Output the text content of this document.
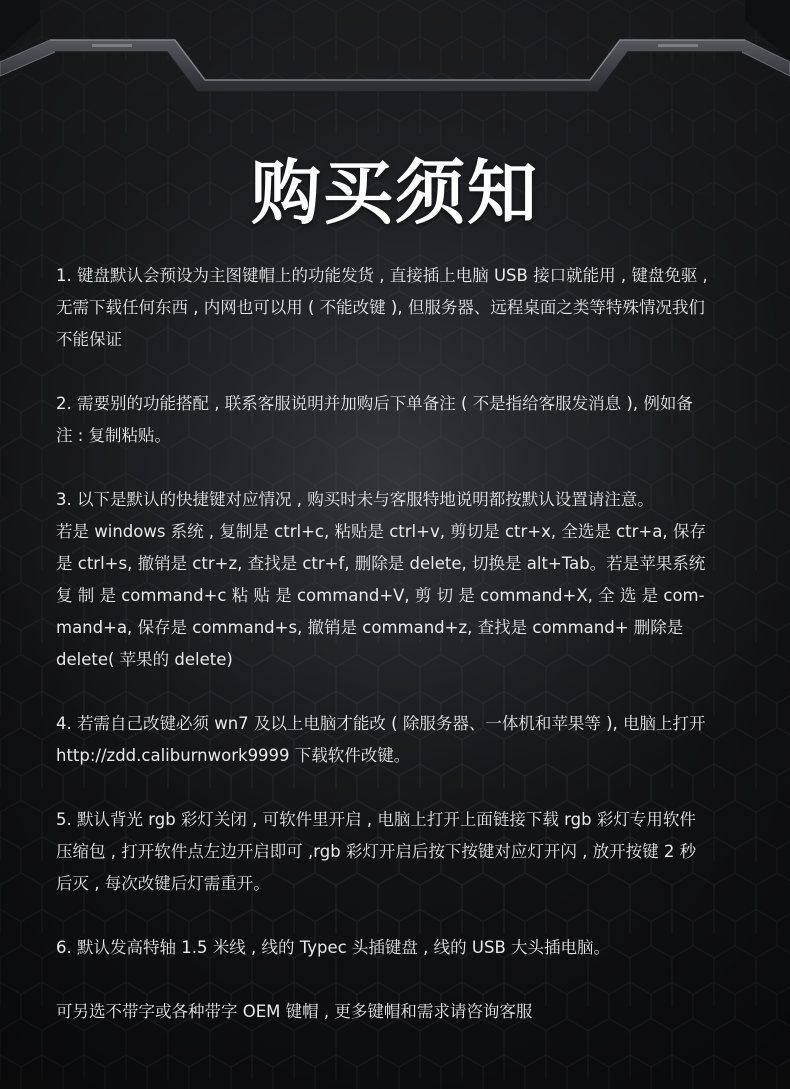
购买须知

1. 键盘默认会预设为主图键帽上的功能发货 , 直接插上电脑 USB 接口就能用 , 键盘免驱 ,
无需下载任何东西 , 内网也可以用 ( 不能改键 ), 但服务器、远程桌面之类等特殊情况我们
不能保证

2. 需要别的功能搭配 , 联系客服说明并加购后下单备注 ( 不是指给客服发消息 ), 例如备
注 : 复制粘贴。

3. 以下是默认的快捷键对应情况 , 购买时未与客服特地说明都按默认设置请注意。
若是 windows 系统 , 复制是 ctrl+c, 粘贴是 ctrl+v, 剪切是 ctr+x, 全选是 ctr+a, 保存
是 ctrl+s, 撤销是 ctr+z, 查找是 ctr+f, 删除是 delete, 切换是 alt+Tab。若是苹果系统
复 制 是 command+c 粘 贴 是 command+V, 剪 切 是 command+X, 全 选 是 com-
mand+a, 保存是 command+s, 撤销是 command+z, 查找是 command+ 删除是
delete( 苹果的 delete)

4. 若需自己改键必须 wn7 及以上电脑才能改 ( 除服务器、一体机和苹果等 ), 电脑上打开
http://zdd.caliburnwork9999 下载软件改键。

5. 默认背光 rgb 彩灯关闭 , 可软件里开启 , 电脑上打开上面链接下载 rgb 彩灯专用软件
压缩包 , 打开软件点左边开启即可 ,rgb 彩灯开启后按下按键对应灯开闪 , 放开按键 2 秒
后灭 , 每次改键后灯需重开。

6. 默认发高特轴 1.5 米线 , 线的 Typec 头插键盘 , 线的 USB 大头插电脑。

可另选不带字或各种带字 OEM 键帽 , 更多键帽和需求请咨询客服
